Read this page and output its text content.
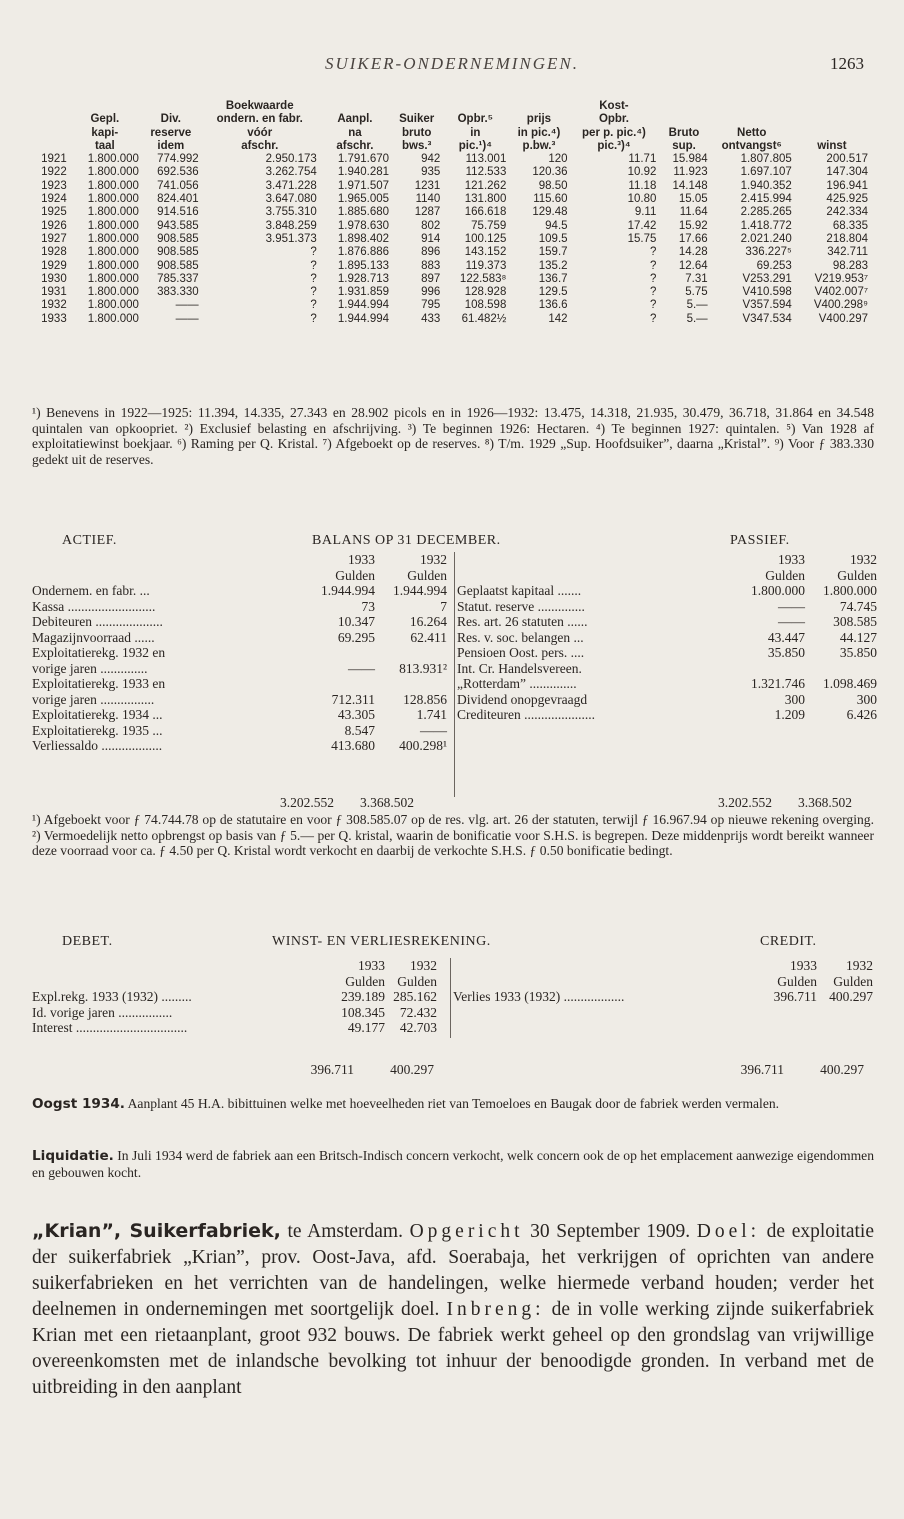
SUIKER-ONDERNEMINGEN.	1263
			Boekwaarde					Kost-			
	Gepl.	Div.	ondern. en fabr.	Aanpl.	Suiker	Opbr.⁵	prijs	Opbr.			
	kapi-	reserve	vóór	na	bruto	in	in pic.⁴)	per p. pic.⁴)	Bruto	Netto	
	taal	idem	afschr.	afschr.	bws.³	pic.¹)⁴	p.bw.³	pic.³)⁴	sup.	ontvangst⁶	winst
1921	1.800.000	774.992	2.950.173	1.791.670	942	113.001	120	11.71	15.984	1.807.805	200.517
1922	1.800.000	692.536	3.262.754	1.940.281	935	112.533	120.36	10.92	11.923	1.697.107	147.304
1923	1.800.000	741.056	3.471.228	1.971.507	1231	121.262	98.50	11.18	14.148	1.940.352	196.941
1924	1.800.000	824.401	3.647.080	1.965.005	1140	131.800	115.60	10.80	15.05	2.415.994	425.925
1925	1.800.000	914.516	3.755.310	1.885.680	1287	166.618	129.48	9.11	11.64	2.285.265	242.334
1926	1.800.000	943.585	3.848.259	1.978.630	802	75.759	94.5	17.42	15.92	1.418.772	68.335
1927	1.800.000	908.585	3.951.373	1.898.402	914	100.125	109.5	15.75	17.66	2.021.240	218.804
1928	1.800.000	908.585	?	1.876.886	896	143.152	159.7	?	14.28	336.227⁵	342.711
1929	1.800.000	908.585	?	1.895.133	883	119.373	135.2	?	12.64	69.253	98.283
1930	1.800.000	785.337	?	1.928.713	897	122.583⁸	136.7	?	7.31	V253.291	V219.953⁷
1931	1.800.000	383.330	?	1.931.859	996	128.928	129.5	?	5.75	V410.598	V402.007⁷
1932	1.800.000	——	?	1.944.994	795	108.598	136.6	?	5.—	V357.594	V400.298⁹
1933	1.800.000	——	?	1.944.994	433	61.482½	142	?	5.—	V347.534	V400.297
¹) Benevens in 1922—1925: 11.394, 14.335, 27.343 en 28.902 picols en in 1926—1932: 13.475, 14.318, 21.935, 30.479, 36.718, 31.864 en 34.548 quintalen van opkoopriet. ²) Exclusief belasting en afschrijving. ³) Te beginnen 1926: Hectaren. ⁴) Te beginnen 1927: quintalen. ⁵) Van 1928 af exploitatiewinst boekjaar. ⁶) Raming per Q. Kristal. ⁷) Afgeboekt op de reserves. ⁸) T/m. 1929 „Sup. Hoofdsuiker”, daarna „Kristal”. ⁹) Voor ƒ 383.330 gedekt uit de reserves.
ACTIEF.	BALANS OP 31 DECEMBER.	PASSIEF.
1933	1932
Gulden	Gulden
Ondernem. en fabr. ...	1.944.994	1.944.994
Kassa ..........................	73	7
Debiteuren ....................	10.347	16.264
Magazijnvoorraad ......	69.295	62.411
Exploitatierekg. 1932 en
vorige jaren ..............	——	813.931²
Exploitatierekg. 1933 en
vorige jaren ................	712.311	128.856
Exploitatierekg. 1934 ...	43.305	1.741
Exploitatierekg. 1935 ...	8.547	——
Verliessaldo ..................	413.680	400.298¹
1933	1932
Gulden	Gulden
Geplaatst kapitaal .......	1.800.000	1.800.000
Statut. reserve ..............	——	74.745
Res. art. 26 statuten ......	——	308.585
Res. v. soc. belangen ...	43.447	44.127
Pensioen Oost. pers. ....	35.850	35.850
Int. Cr. Handelsvereen.
„Rotterdam” ..............	1.321.746	1.098.469
Dividend onopgevraagd	300	300
Crediteuren .....................	1.209	6.426
3.202.552	3.368.502	3.202.552	3.368.502
¹) Afgeboekt voor ƒ 74.744.78 op de statutaire en voor ƒ 308.585.07 op de res. vlg. art. 26 der statuten, terwijl ƒ 16.967.94 op nieuwe rekening overging. ²) Vermoedelijk netto opbrengst op basis van ƒ 5.— per Q. kristal, waarin de bonificatie voor S.H.S. is begrepen. Deze middenprijs wordt bereikt wanneer deze voorraad voor ca. ƒ 4.50 per Q. Kristal wordt verkocht en daarbij de verkochte S.H.S. ƒ 0.50 bonificatie bedingt.
DEBET.	WINST- EN VERLIESREKENING.	CREDIT.
1933	1932
Gulden Gulden
Expl.rekg. 1933 (1932) .........	239.189 285.162
Id. vorige jaren ................	108.345	72.432
Interest .................................	49.177	42.703
1933	1932
Gulden	Gulden
Verlies 1933 (1932) ..................	396.711 400.297
396.711	400.297	396.711	400.297
Oogst 1934. Aanplant 45 H.A. bibittuinen welke met hoeveelheden riet van Temoeloes en Baugak door de fabriek werden vermalen.
Liquidatie. In Juli 1934 werd de fabriek aan een Britsch-Indisch concern verkocht, welk concern ook de op het emplacement aanwezige eigendommen en gebouwen kocht.
„Krian”, Suikerfabriek, te Amsterdam. Opgericht 30 September 1909. Doel: de exploitatie der suikerfabriek „Krian”, prov. Oost-Java, afd. Soerabaja, het verkrijgen of oprichten van andere suikerfabrieken en het verrichten van de handelingen, welke hiermede verband houden; verder het deelnemen in ondernemingen met soortgelijk doel. Inbreng: de in volle werking zijnde suikerfabriek Krian met een rietaanplant, groot 932 bouws. De fabriek werkt geheel op den grondslag van vrijwillige overeenkomsten met de inlandsche bevolking tot inhuur der benoodigde gronden. In verband met de uitbreiding in den aanplant
